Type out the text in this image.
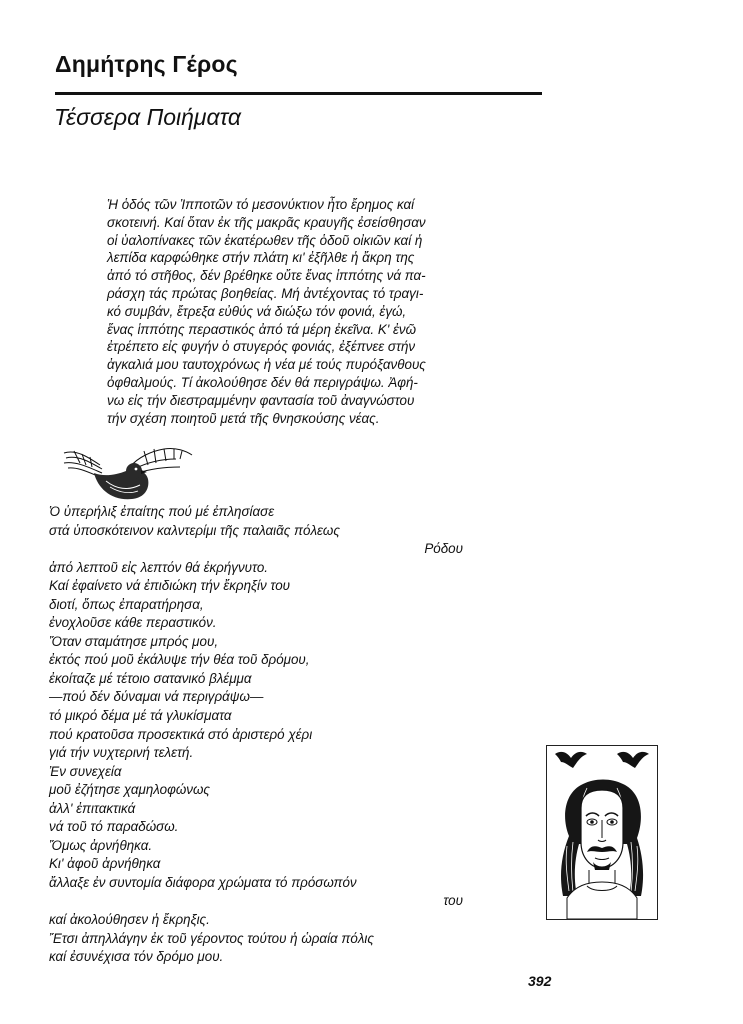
Δημήτρης Γέρος
Τέσσερα Ποιήματα
Ἡ ὁδός τῶν Ἱπποτῶν τό μεσονύκτιον ἦτο ἔρημος καί
σκοτεινή. Καί ὅταν ἐκ τῆς μακρᾶς κραυγῆς ἐσείσθησαν
οἱ ὑαλοπίνακες τῶν ἑκατέρωθεν τῆς ὁδοῦ οἰκιῶν καί ἡ
λεπίδα καρφώθηκε στήν πλάτη κι' ἐξῆλθε ἡ ἄκρη της
ἀπό τό στῆθος, δέν βρέθηκε οὔτε ἕνας ἱππότης νά πα-
ράσχη τάς πρώτας βοηθείας. Μή ἀντέχοντας τό τραγι-
κό συμβάν, ἔτρεξα εὐθύς νά διώξω τόν φονιά, ἐγώ,
ἕνας ἱππότης περαστικός ἀπό τά μέρη ἐκεῖνα. Κ' ἐνῶ
ἐτρέπετο εἰς φυγήν ὁ στυγερός φονιάς, ἐξέπνεε στήν
ἀγκαλιά μου ταυτοχρόνως ἡ νέα μέ τούς πυρόξανθους
ὀφθαλμούς. Τί ἀκολούθησε δέν θά περιγράψω. Ἀφή-
νω εἰς τήν διεστραμμένην φαντασία τοῦ ἀναγνώστου
τήν σχέση ποιητοῦ μετά τῆς θνησκούσης νέας.
Ὁ ὑπερήλιξ ἐπαίτης πού μέ ἐπλησίασε
στά ὑποσκότεινον καλντερίμι τῆς παλαιᾶς πόλεως
Ρόδου
ἀπό λεπτοῦ εἰς λεπτόν θά ἐκρήγνυτο.
Καί ἐφαίνετο νά ἐπιδιώκη τήν ἔκρηξίν του
διοτί, ὅπως ἐπαρατήρησα,
ἐνοχλοῦσε κάθε περαστικόν.
Ὅταν σταμάτησε μπρός μου,
ἐκτός πού μοῦ ἐκάλυψε τήν θέα τοῦ δρόμου,
ἐκοίταζε μέ τέτοιο σατανικό βλέμμα
—πού δέν δύναμαι νά περιγράψω—
τό μικρό δέμα μέ τά γλυκίσματα
πού κρατοῦσα προσεκτικά στό ἀριστερό χέρι
γιά τήν νυχτερινή τελετή.
Ἐν συνεχεία
μοῦ ἐζήτησε χαμηλοφώνως
ἀλλ' ἐπιτακτικά
νά τοῦ τό παραδώσω.
Ὅμως ἀρνήθηκα.
Κι' ἀφοῦ ἀρνήθηκα
ἄλλαξε ἐν συντομία διάφορα χρώματα τό πρόσωπόν
του
καί ἀκολούθησεν ἡ ἔκρηξις.
Ἔτσι ἀπηλλάγην ἐκ τοῦ γέροντος τούτου ἡ ὡραία πόλις
καί ἐσυνέχισα τόν δρόμο μου.
392
